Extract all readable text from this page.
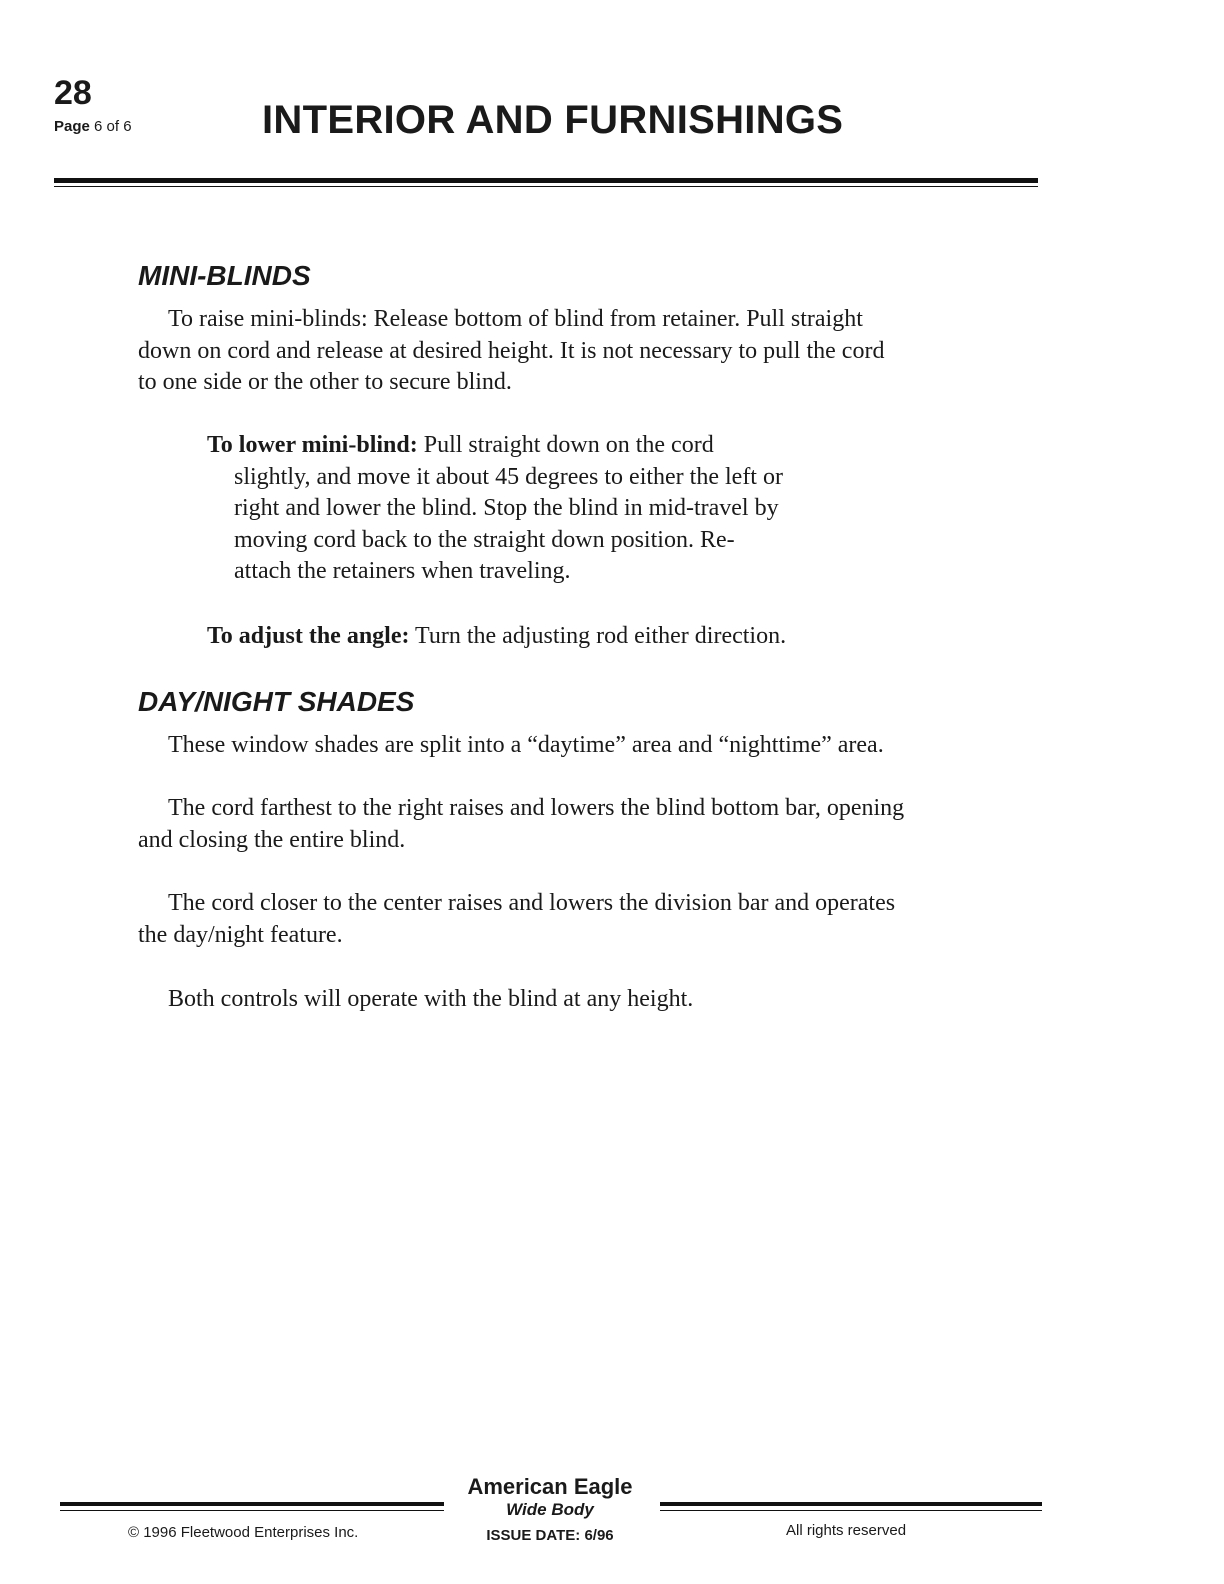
28
Page 6 of 6	INTERIOR AND FURNISHINGS
MINI-BLINDS
To raise mini-blinds: Release bottom of blind from retainer. Pull straight
down on cord and release at desired height. It is not necessary to pull the cord
to one side or the other to secure blind.
To lower mini-blind: Pull straight down on the cord
slightly, and move it about 45 degrees to either the left or
right and lower the blind. Stop the blind in mid-travel by
moving cord back to the straight down position. Re-
attach the retainers when traveling.
To adjust the angle: Turn the adjusting rod either direction.
DAY/NIGHT SHADES
These window shades are split into a “daytime” area and “nighttime” area.
The cord farthest to the right raises and lowers the blind bottom bar, opening
and closing the entire blind.
The cord closer to the center raises and lowers the division bar and operates
the day/night feature.
Both controls will operate with the blind at any height.
American Eagle
Wide Body
ISSUE DATE: 6/96
© 1996 Fleetwood Enterprises Inc.	All rights reserved
